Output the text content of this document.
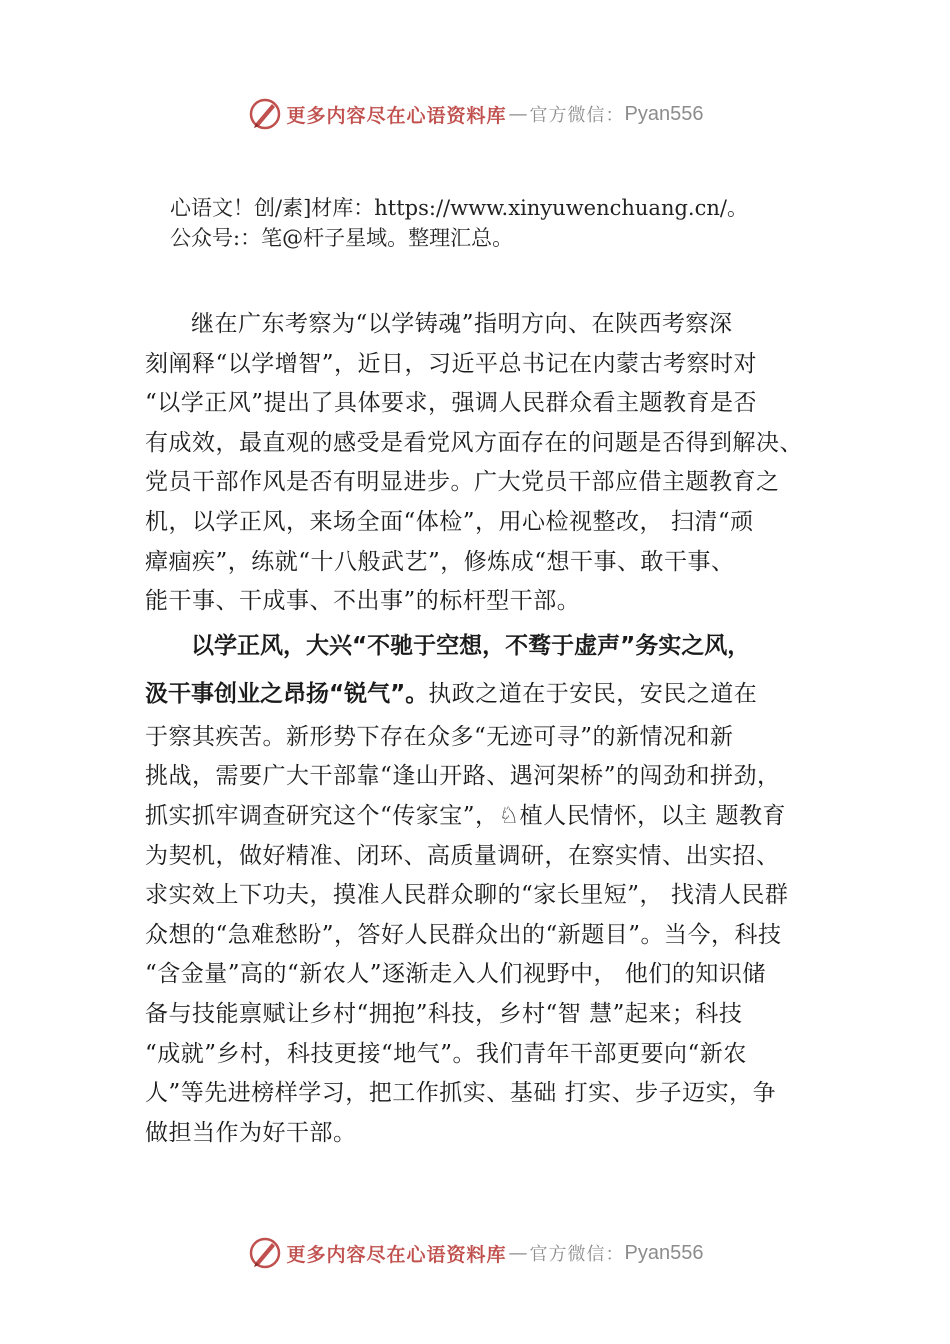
更多内容尽在心语资料库 — 官方微信： Pyan556
心语文！创/素]材库：https://www.xinyuwenchuang.cn/。
公众号:：笔@杆子星域。整理汇总。
继在广东考察为“以学铸魂”指明方向、在陕西考察深
刻阐释“以学增智”，近日，习近平总书记在内蒙古考察时对
“以学正风”提出了具体要求，强调人民群众看主题教育是否
有成效，最直观的感受是看党风方面存在的问题是否得到解决、
党员干部作风是否有明显进步。广大党员干部应借主题教育之
机，以学正风，来场全面“体检”，用心检视整改， 扫清“顽
瘴痼疾”，练就“十八般武艺”，修炼成“想干事、敢干事、
能干事、干成事、不出事”的标杆型干部。
以学正风，大兴“不驰于空想，不骛于虚声”务实之风，
汲干事创业之昂扬“锐气”。执政之道在于安民，安民之道在
于察其疾苦。新形势下存在众多“无迹可寻”的新情况和新
挑战，需要广大干部靠“逢山开路、遇河架桥”的闯劲和拼劲，
抓实抓牢调查研究这个“传家宝”，♘植人民情怀，以主 题教育
为契机，做好精准、闭环、高质量调研，在察实情、出实招、
求实效上下功夫，摸准人民群众聊的“家长里短”， 找清人民群
众想的“急难愁盼”，答好人民群众出的“新题目”。当今，科技
“含金量”高的“新农人”逐渐走入人们视野中， 他们的知识储
备与技能禀赋让乡村“拥抱”科技，乡村“智 慧”起来；科技
“成就”乡村，科技更接“地气”。我们青年干部更要向“新农
人”等先进榜样学习，把工作抓实、基础 打实、步子迈实，争
做担当作为好干部。
更多内容尽在心语资料库 — 官方微信： Pyan556
